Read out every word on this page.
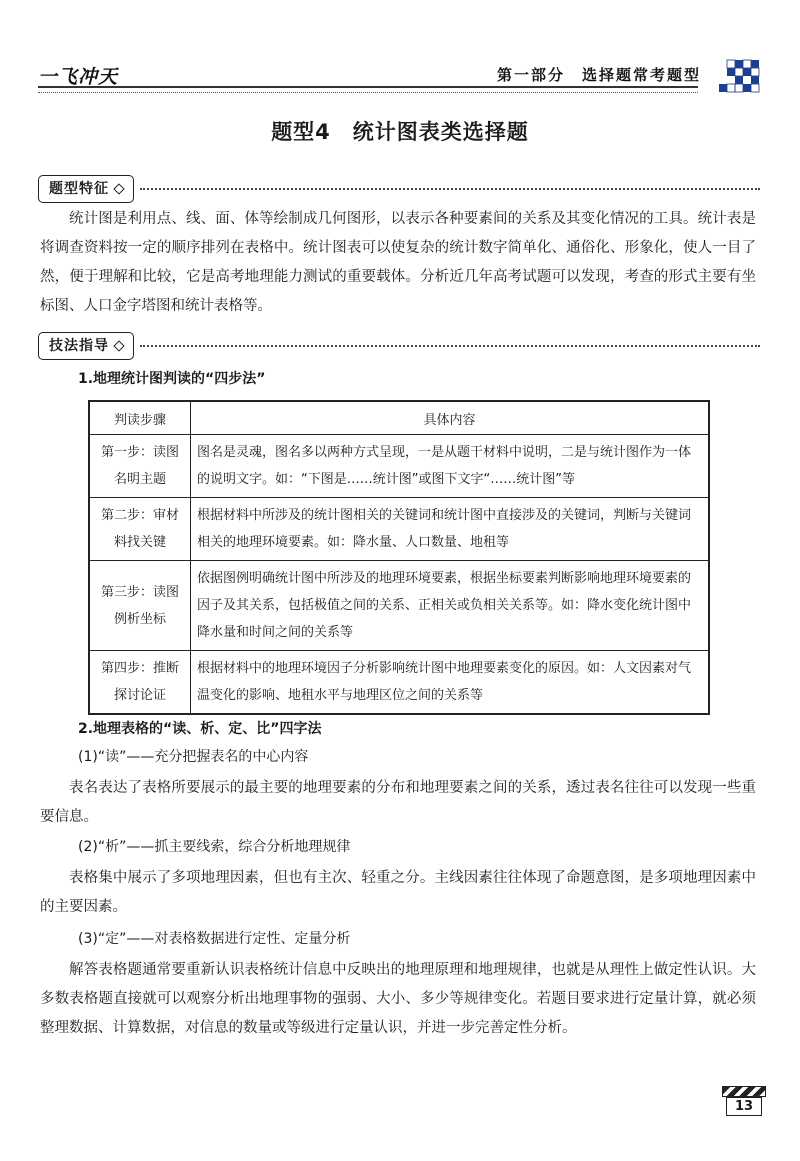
一飞冲天	第一部分　选择题常考题型
题型4　统计图表类选择题
题型特征
统计图是利用点、线、面、体等绘制成几何图形，以表示各种要素间的关系及其变化情况的工具。统计表是将调查资料按一定的顺序排列在表格中。统计图表可以使复杂的统计数字简单化、通俗化、形象化，使人一目了然，便于理解和比较，它是高考地理能力测试的重要载体。分析近几年高考试题可以发现，考查的形式主要有坐标图、人口金字塔图和统计表格等。
技法指导
1.地理统计图判读的“四步法”
判读步骤	具体内容
第一步：读图名明主题	图名是灵魂，图名多以两种方式呈现，一是从题干材料中说明，二是与统计图作为一体的说明文字。如：“下图是……统计图”或图下文字“……统计图”等
第二步：审材料找关键	根据材料中所涉及的统计图相关的关键词和统计图中直接涉及的关键词，判断与关键词相关的地理环境要素。如：降水量、人口数量、地租等
第三步：读图例析坐标	依据图例明确统计图中所涉及的地理环境要素，根据坐标要素判断影响地理环境要素的因子及其关系，包括极值之间的关系、正相关或负相关关系等。如：降水变化统计图中降水量和时间之间的关系等
第四步：推断探讨论证	根据材料中的地理环境因子分析影响统计图中地理要素变化的原因。如：人文因素对气温变化的影响、地租水平与地理区位之间的关系等
2.地理表格的“读、析、定、比”四字法
(1)“读”——充分把握表名的中心内容
表名表达了表格所要展示的最主要的地理要素的分布和地理要素之间的关系，透过表名往往可以发现一些重要信息。
(2)“析”——抓主要线索，综合分析地理规律
表格集中展示了多项地理因素，但也有主次、轻重之分。主线因素往往体现了命题意图，是多项地理因素中的主要因素。
(3)“定”——对表格数据进行定性、定量分析
解答表格题通常要重新认识表格统计信息中反映出的地理原理和地理规律，也就是从理性上做定性认识。大多数表格题直接就可以观察分析出地理事物的强弱、大小、多少等规律变化。若题目要求进行定量计算，就必须整理数据、计算数据，对信息的数量或等级进行定量认识，并进一步完善定性分析。
13
